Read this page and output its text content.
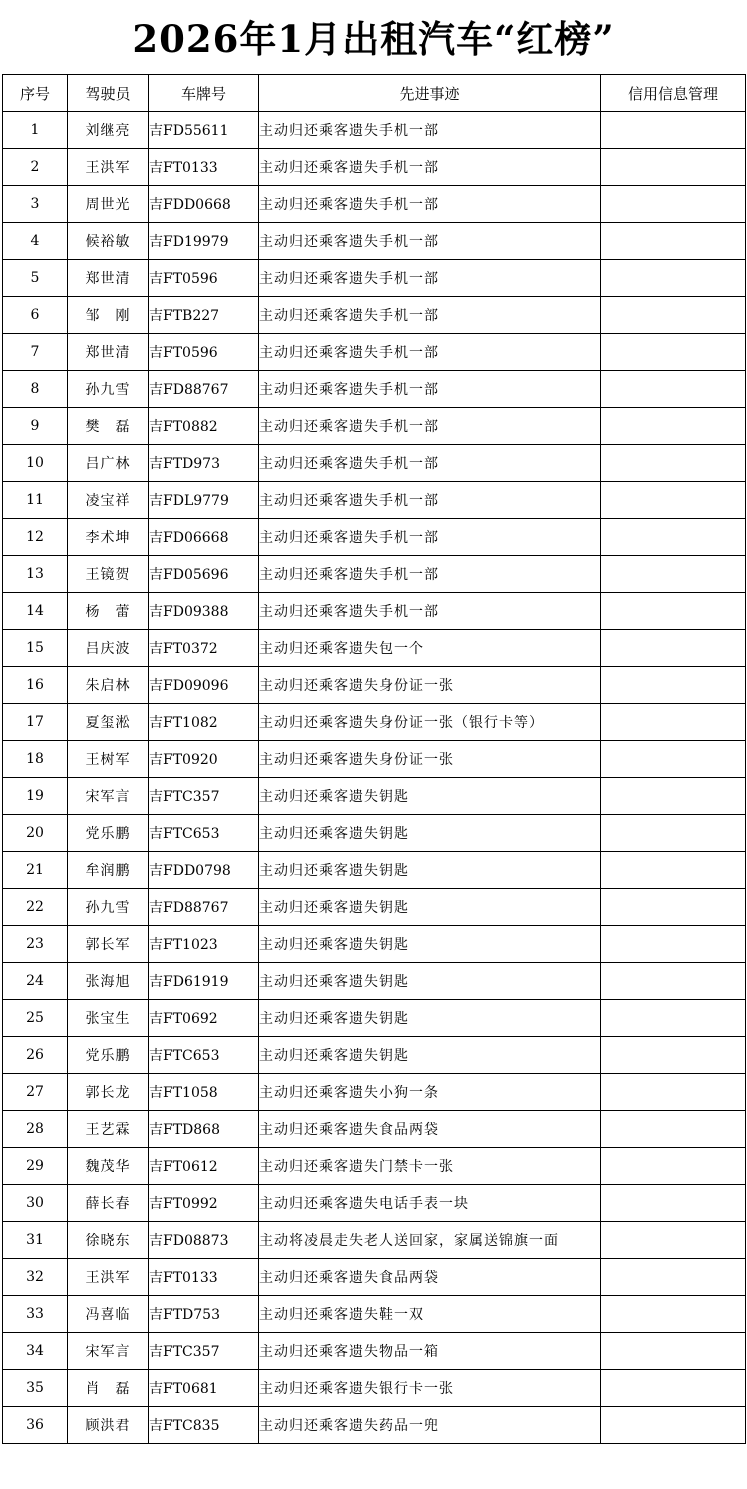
2026年1月出租汽车“红榜”
序号	驾驶员	车牌号	先进事迹	信用信息管理
1	刘继亮	吉FD55611	主动归还乘客遗失手机一部	
2	王洪军	吉FT0133	主动归还乘客遗失手机一部	
3	周世光	吉FDD0668	主动归还乘客遗失手机一部	
4	候裕敏	吉FD19979	主动归还乘客遗失手机一部	
5	郑世清	吉FT0596	主动归还乘客遗失手机一部	
6	邹　刚	吉FTB227	主动归还乘客遗失手机一部	
7	郑世清	吉FT0596	主动归还乘客遗失手机一部	
8	孙九雪	吉FD88767	主动归还乘客遗失手机一部	
9	樊　磊	吉FT0882	主动归还乘客遗失手机一部	
10	吕广林	吉FTD973	主动归还乘客遗失手机一部	
11	凌宝祥	吉FDL9779	主动归还乘客遗失手机一部	
12	李术坤	吉FD06668	主动归还乘客遗失手机一部	
13	王镜贺	吉FD05696	主动归还乘客遗失手机一部	
14	杨　蕾	吉FD09388	主动归还乘客遗失手机一部	
15	吕庆波	吉FT0372	主动归还乘客遗失包一个	
16	朱启林	吉FD09096	主动归还乘客遗失身份证一张	
17	夏玺淞	吉FT1082	主动归还乘客遗失身份证一张（银行卡等）	
18	王树军	吉FT0920	主动归还乘客遗失身份证一张	
19	宋军言	吉FTC357	主动归还乘客遗失钥匙	
20	党乐鹏	吉FTC653	主动归还乘客遗失钥匙	
21	牟润鹏	吉FDD0798	主动归还乘客遗失钥匙	
22	孙九雪	吉FD88767	主动归还乘客遗失钥匙	
23	郭长军	吉FT1023	主动归还乘客遗失钥匙	
24	张海旭	吉FD61919	主动归还乘客遗失钥匙	
25	张宝生	吉FT0692	主动归还乘客遗失钥匙	
26	党乐鹏	吉FTC653	主动归还乘客遗失钥匙	
27	郭长龙	吉FT1058	主动归还乘客遗失小狗一条	
28	王艺霖	吉FTD868	主动归还乘客遗失食品两袋	
29	魏茂华	吉FT0612	主动归还乘客遗失门禁卡一张	
30	薛长春	吉FT0992	主动归还乘客遗失电话手表一块	
31	徐晓东	吉FD08873	主动将凌晨走失老人送回家，家属送锦旗一面	
32	王洪军	吉FT0133	主动归还乘客遗失食品两袋	
33	冯喜临	吉FTD753	主动归还乘客遗失鞋一双	
34	宋军言	吉FTC357	主动归还乘客遗失物品一箱	
35	肖　磊	吉FT0681	主动归还乘客遗失银行卡一张	
36	顾洪君	吉FTC835	主动归还乘客遗失药品一兜	
